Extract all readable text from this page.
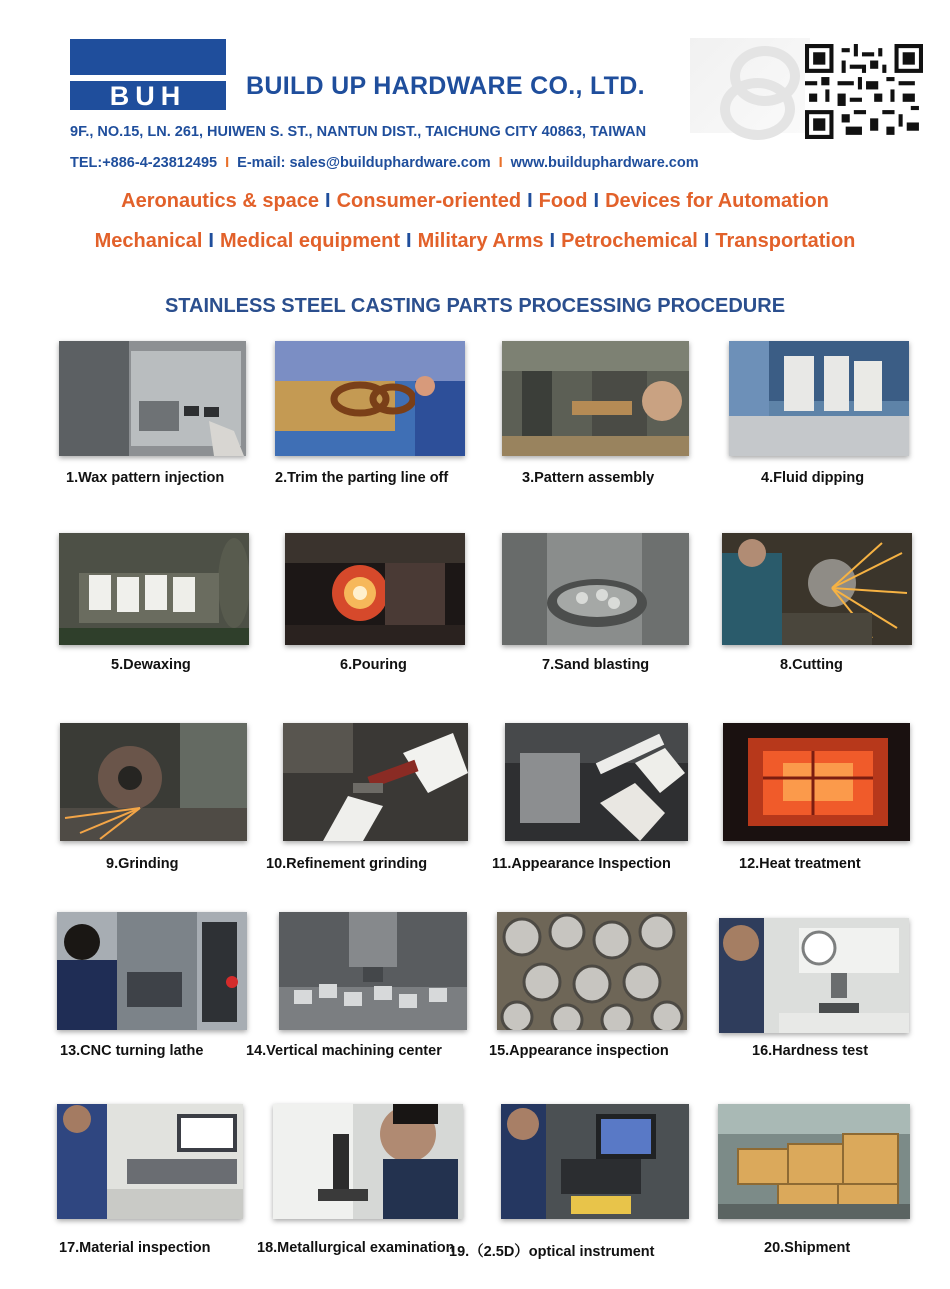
BUH	BUILD UP HARDWARE CO., LTD.
9F., NO.15, LN. 261, HUIWEN S. ST., NANTUN DIST., TAICHUNG CITY 40863, TAIWAN
TEL:+886-4-23812495 I E-mail: sales@builduphardware.com I www.builduphardware.com
Aeronautics & space I Consumer-oriented I Food I Devices for Automation
Mechanical I Medical equipment I Military Arms I Petrochemical I Transportation
STAINLESS STEEL CASTING PARTS PROCESSING PROCEDURE
1.Wax pattern injection	2.Trim the parting line off	3.Pattern assembly	4.Fluid dipping
5.Dewaxing	6.Pouring	7.Sand blasting	8.Cutting
9.Grinding	10.Refinement grinding	11.Appearance Inspection	12.Heat treatment
13.CNC turning lathe	14.Vertical machining center	15.Appearance inspection	16.Hardness test
17.Material inspection	18.Metallurgical examination
19.（2.5D）optical instrument	20.Shipment
